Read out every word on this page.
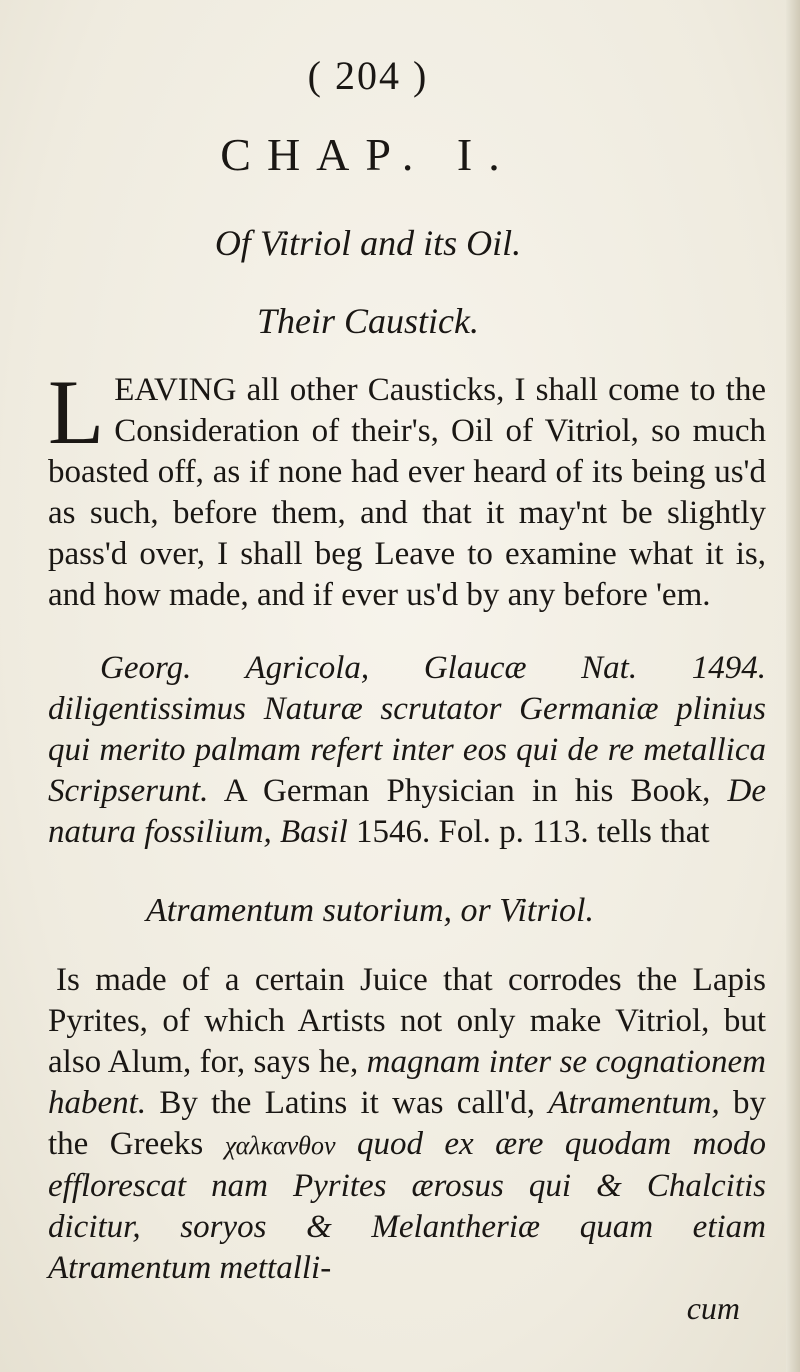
( 204 )
CHAP. I.
Of Vitriol and its Oil.
Their Caustick.
LEAVING all other Causticks, I shall come to the Consideration of their's, Oil of Vitriol, so much boasted off, as if none had ever heard of its being us'd as such, before them, and that it may'nt be slightly pass'd over, I shall beg Leave to examine what it is, and how made, and if ever us'd by any before 'em.
Georg. Agricola, Glaucæ Nat. 1494. diligentissimus Naturæ scrutator Germaniæ plinius qui merito palmam refert inter eos qui de re metallica Scripserunt. A German Physician in his Book, De natura fossilium, Basil 1546. Fol. p. 113. tells that
Atramentum sutorium, or Vitriol.
Is made of a certain Juice that corrodes the Lapis Pyrites, of which Artists not only make Vitriol, but also Alum, for, says he, magnam inter se cognationem habent. By the Latins it was call'd, Atramentum, by the Greeks χαλκανθον quod ex ære quodam modo efflorescat nam Pyrites ærosus qui & Chalcitis dicitur, soryos & Melantheriæ quam etiam Atramentum mettalli-
cum
